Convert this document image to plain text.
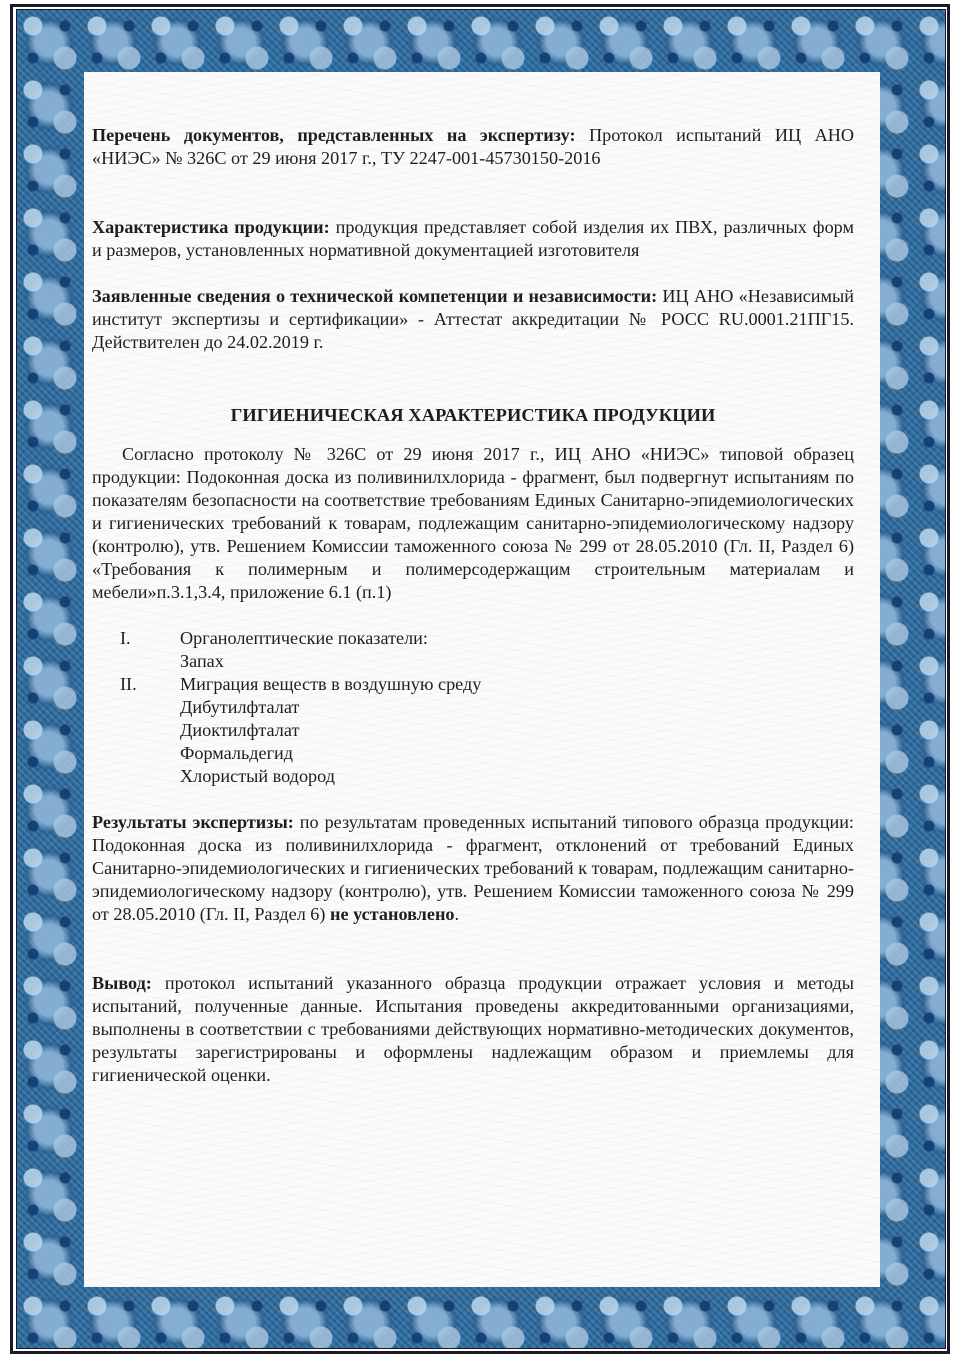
Перечень документов, представленных на экспертизу: Протокол испытаний ИЦ АНО «НИЭС» № 326С от 29 июня 2017 г., ТУ 2247-001-45730150-2016

Характеристика продукции: продукция представляет собой изделия их ПВХ, различных форм и размеров, установленных нормативной документацией изготовителя

Заявленные сведения о технической компетенции и независимости: ИЦ АНО «Независимый институт экспертизы и сертификации» - Аттестат аккредитации № РОСС RU.0001.21ПГ15. Действителен до 24.02.2019 г.

ГИГИЕНИЧЕСКАЯ ХАРАКТЕРИСТИКА ПРОДУКЦИИ

Согласно протоколу № 326С от 29 июня 2017 г., ИЦ АНО «НИЭС» типовой образец продукции: Подоконная доска из поливинилхлорида - фрагмент, был подвергнут испытаниям по показателям безопасности на соответствие требованиям Единых Санитарно-эпидемиологических и гигиенических требований к товарам, подлежащим санитарно-эпидемиологическому надзору (контролю), утв. Решением Комиссии таможенного союза № 299 от 28.05.2010 (Гл. II, Раздел 6) «Требования к полимерным и полимерсодержащим строительным материалам и мебели»п.3.1,3.4, приложение 6.1 (п.1)

I.	Органолептические показатели:
Запах
II.	Миграция веществ в воздушную среду
Дибутилфталат
Диоктилфталат
Формальдегид
Хлористый водород

Результаты экспертизы: по результатам проведенных испытаний типового образца продукции: Подоконная доска из поливинилхлорида - фрагмент, отклонений от требований Единых Санитарно-эпидемиологических и гигиенических требований к товарам, подлежащим санитарно-эпидемиологическому надзору (контролю), утв. Решением Комиссии таможенного союза № 299 от 28.05.2010 (Гл. II, Раздел 6) не установлено.

Вывод: протокол испытаний указанного образца продукции отражает условия и методы испытаний, полученные данные. Испытания проведены аккредитованными организациями, выполнены в соответствии с требованиями действующих нормативно-методических документов, результаты зарегистрированы и оформлены надлежащим образом и приемлемы для гигиенической оценки.
